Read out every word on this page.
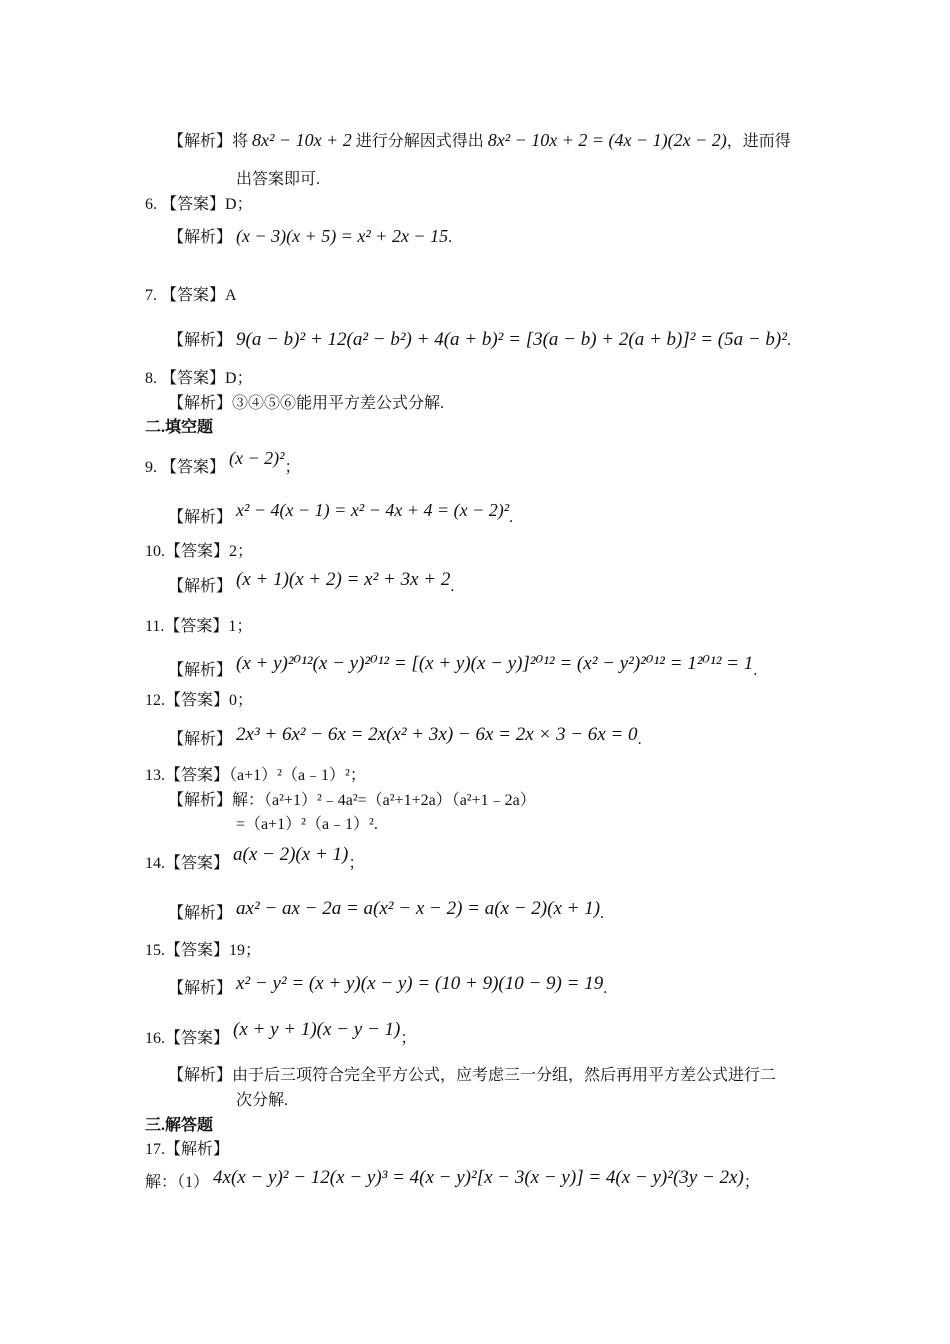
【解析】将 8x² − 10x + 2 进行分解因式得出 8x² − 10x + 2 = (4x − 1)(2x − 2)，进而得
出答案即可.
6. 【答案】D；
【解析】 (x − 3)(x + 5) = x² + 2x − 15.
7. 【答案】A
【解析】 9(a − b)² + 12(a² − b²) + 4(a + b)² = [3(a − b) + 2(a + b)]² = (5a − b)².
8. 【答案】D；
【解析】③④⑤⑥能用平方差公式分解.
二.填空题
9. 【答案】 (x − 2)²；
【解析】 x² − 4(x − 1) = x² − 4x + 4 = (x − 2)².
10.【答案】2；
【解析】 (x + 1)(x + 2) = x² + 3x + 2.
11.【答案】1；
【解析】 (x + y)²⁰¹²(x − y)²⁰¹² = [(x + y)(x − y)]²⁰¹² = (x² − y²)²⁰¹² = 1²⁰¹² = 1.
12.【答案】0；
【解析】 2x³ + 6x² − 6x = 2x(x² + 3x) − 6x = 2x × 3 − 6x = 0.
13.【答案】（a+1）²（a﹣1）²；
【解析】解：（a²+1）²﹣4a²=（a²+1+2a）（a²+1﹣2a）
=（a+1）²（a﹣1）².
14.【答案】 a(x − 2)(x + 1)；
【解析】 ax² − ax − 2a = a(x² − x − 2) = a(x − 2)(x + 1).
15.【答案】19；
【解析】 x² − y² = (x + y)(x − y) = (10 + 9)(10 − 9) = 19.
16.【答案】 (x + y + 1)(x − y − 1)；
【解析】由于后三项符合完全平方公式，应考虑三一分组，然后再用平方差公式进行二
次分解.
三.解答题
17.【解析】
解：（1） 4x(x − y)² − 12(x − y)³ = 4(x − y)²[x − 3(x − y)] = 4(x − y)²(3y − 2x)；
